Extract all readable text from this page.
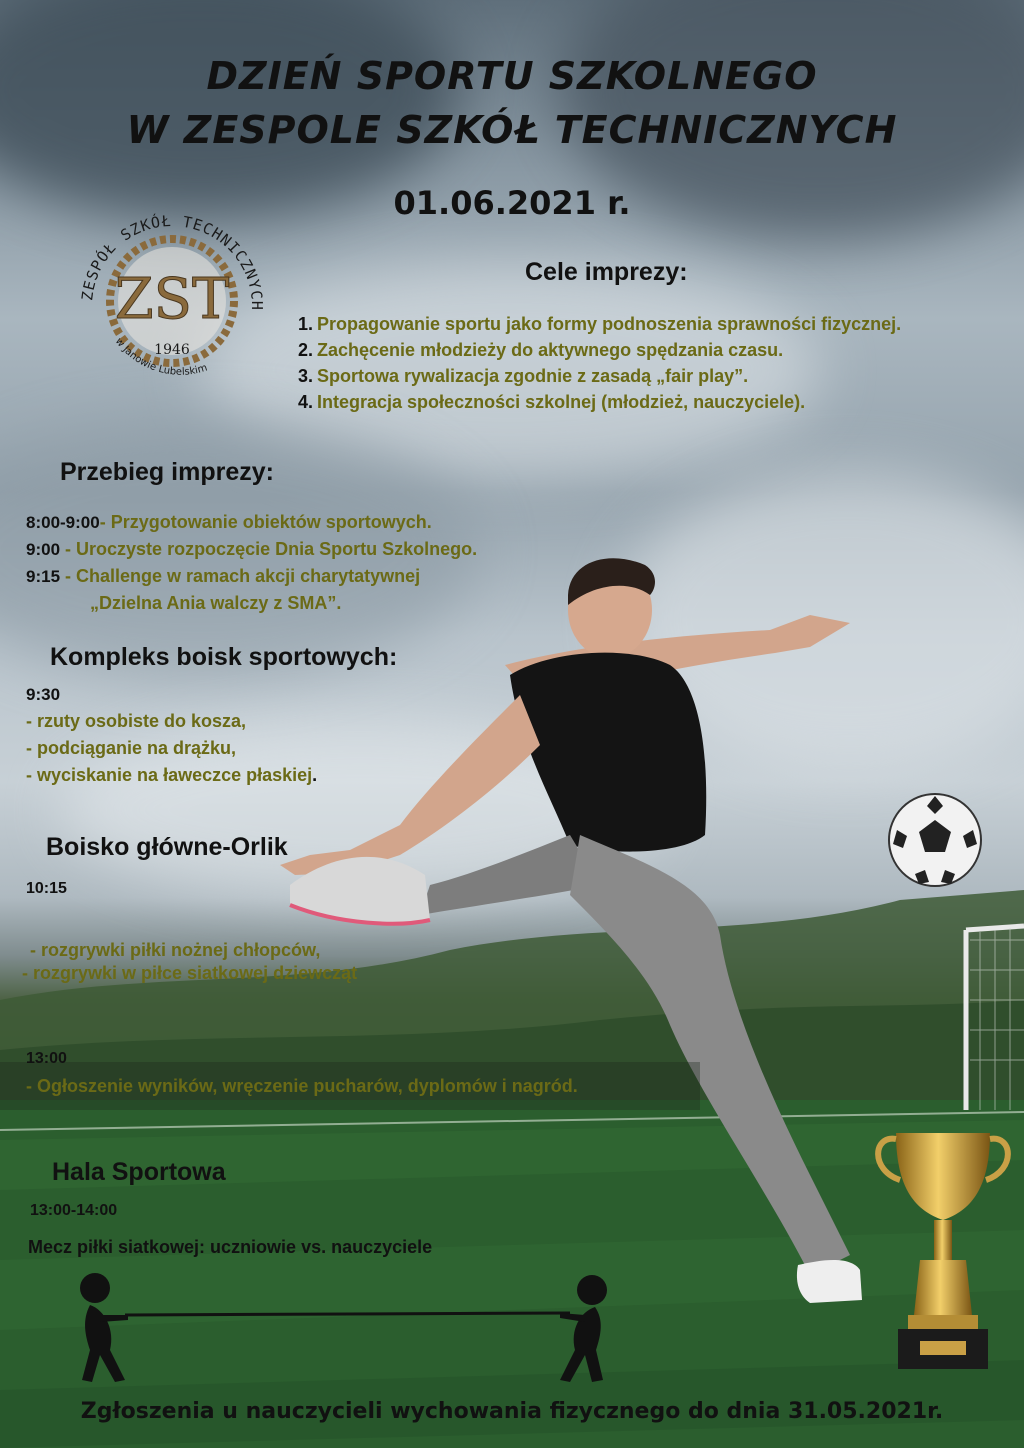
ZESPÓŁ SZKÓŁ TECHNICZNYCH
ZST
1946
w Janowie Lubelskim
DZIEŃ SPORTU SZKOLNEGO
W ZESPOLE SZKÓŁ TECHNICZNYCH
01.06.2021 r.
Cele imprezy:
1. Propagowanie sportu jako formy podnoszenia sprawności fizycznej.
2. Zachęcenie młodzieży do aktywnego spędzania czasu.
3. Sportowa rywalizacja zgodnie z zasadą „fair play”.
4. Integracja społeczności szkolnej (młodzież, nauczyciele).
Przebieg imprezy:
8:00-9:00- Przygotowanie obiektów sportowych.
9:00 - Uroczyste rozpoczęcie Dnia Sportu Szkolnego.
9:15 - Challenge w ramach akcji charytatywnej
„Dzielna Ania walczy z SMA”.
Kompleks boisk sportowych:
9:30
- rzuty osobiste do kosza,
- podciąganie na drążku,
- wyciskanie na ławeczce płaskiej.
Boisko główne-Orlik
10:15
- rozgrywki piłki nożnej chłopców,
- rozgrywki w piłce siatkowej dziewcząt
13:00
- Ogłoszenie wyników, wręczenie pucharów, dyplomów i nagród.
Hala Sportowa
13:00-14:00
Mecz piłki siatkowej: uczniowie vs. nauczyciele
Zgłoszenia u nauczycieli wychowania fizycznego do dnia 31.05.2021r.
